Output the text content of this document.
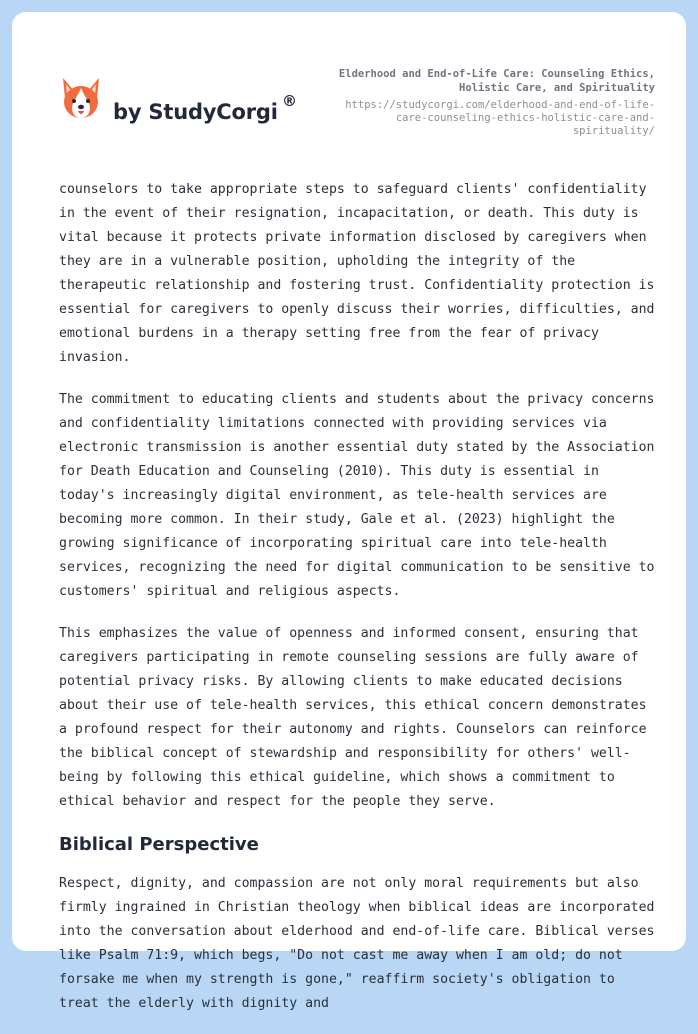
by StudyCorgi ®
Elderhood and End-of-Life Care: Counseling Ethics, Holistic Care, and Spirituality
https://studycorgi.com/elderhood-and-end-of-life-care-counseling-ethics-holistic-care-and-spirituality/

counselors to take appropriate steps to safeguard clients' confidentiality in the event of their resignation, incapacitation, or death. This duty is vital because it protects private information disclosed by caregivers when they are in a vulnerable position, upholding the integrity of the therapeutic relationship and fostering trust. Confidentiality protection is essential for caregivers to openly discuss their worries, difficulties, and emotional burdens in a therapy setting free from the fear of privacy invasion.

The commitment to educating clients and students about the privacy concerns and confidentiality limitations connected with providing services via electronic transmission is another essential duty stated by the Association for Death Education and Counseling (2010). This duty is essential in today's increasingly digital environment, as tele-health services are becoming more common. In their study, Gale et al. (2023) highlight the growing significance of incorporating spiritual care into tele-health services, recognizing the need for digital communication to be sensitive to customers' spiritual and religious aspects.

This emphasizes the value of openness and informed consent, ensuring that caregivers participating in remote counseling sessions are fully aware of potential privacy risks. By allowing clients to make educated decisions about their use of tele-health services, this ethical concern demonstrates a profound respect for their autonomy and rights. Counselors can reinforce the biblical concept of stewardship and responsibility for others' well-being by following this ethical guideline, which shows a commitment to ethical behavior and respect for the people they serve.

Biblical Perspective

Respect, dignity, and compassion are not only moral requirements but also firmly ingrained in Christian theology when biblical ideas are incorporated into the conversation about elderhood and end-of-life care. Biblical verses like Psalm 71:9, which begs, "Do not cast me away when I am old; do not forsake me when my strength is gone," reaffirm society's obligation to treat the elderly with dignity and
